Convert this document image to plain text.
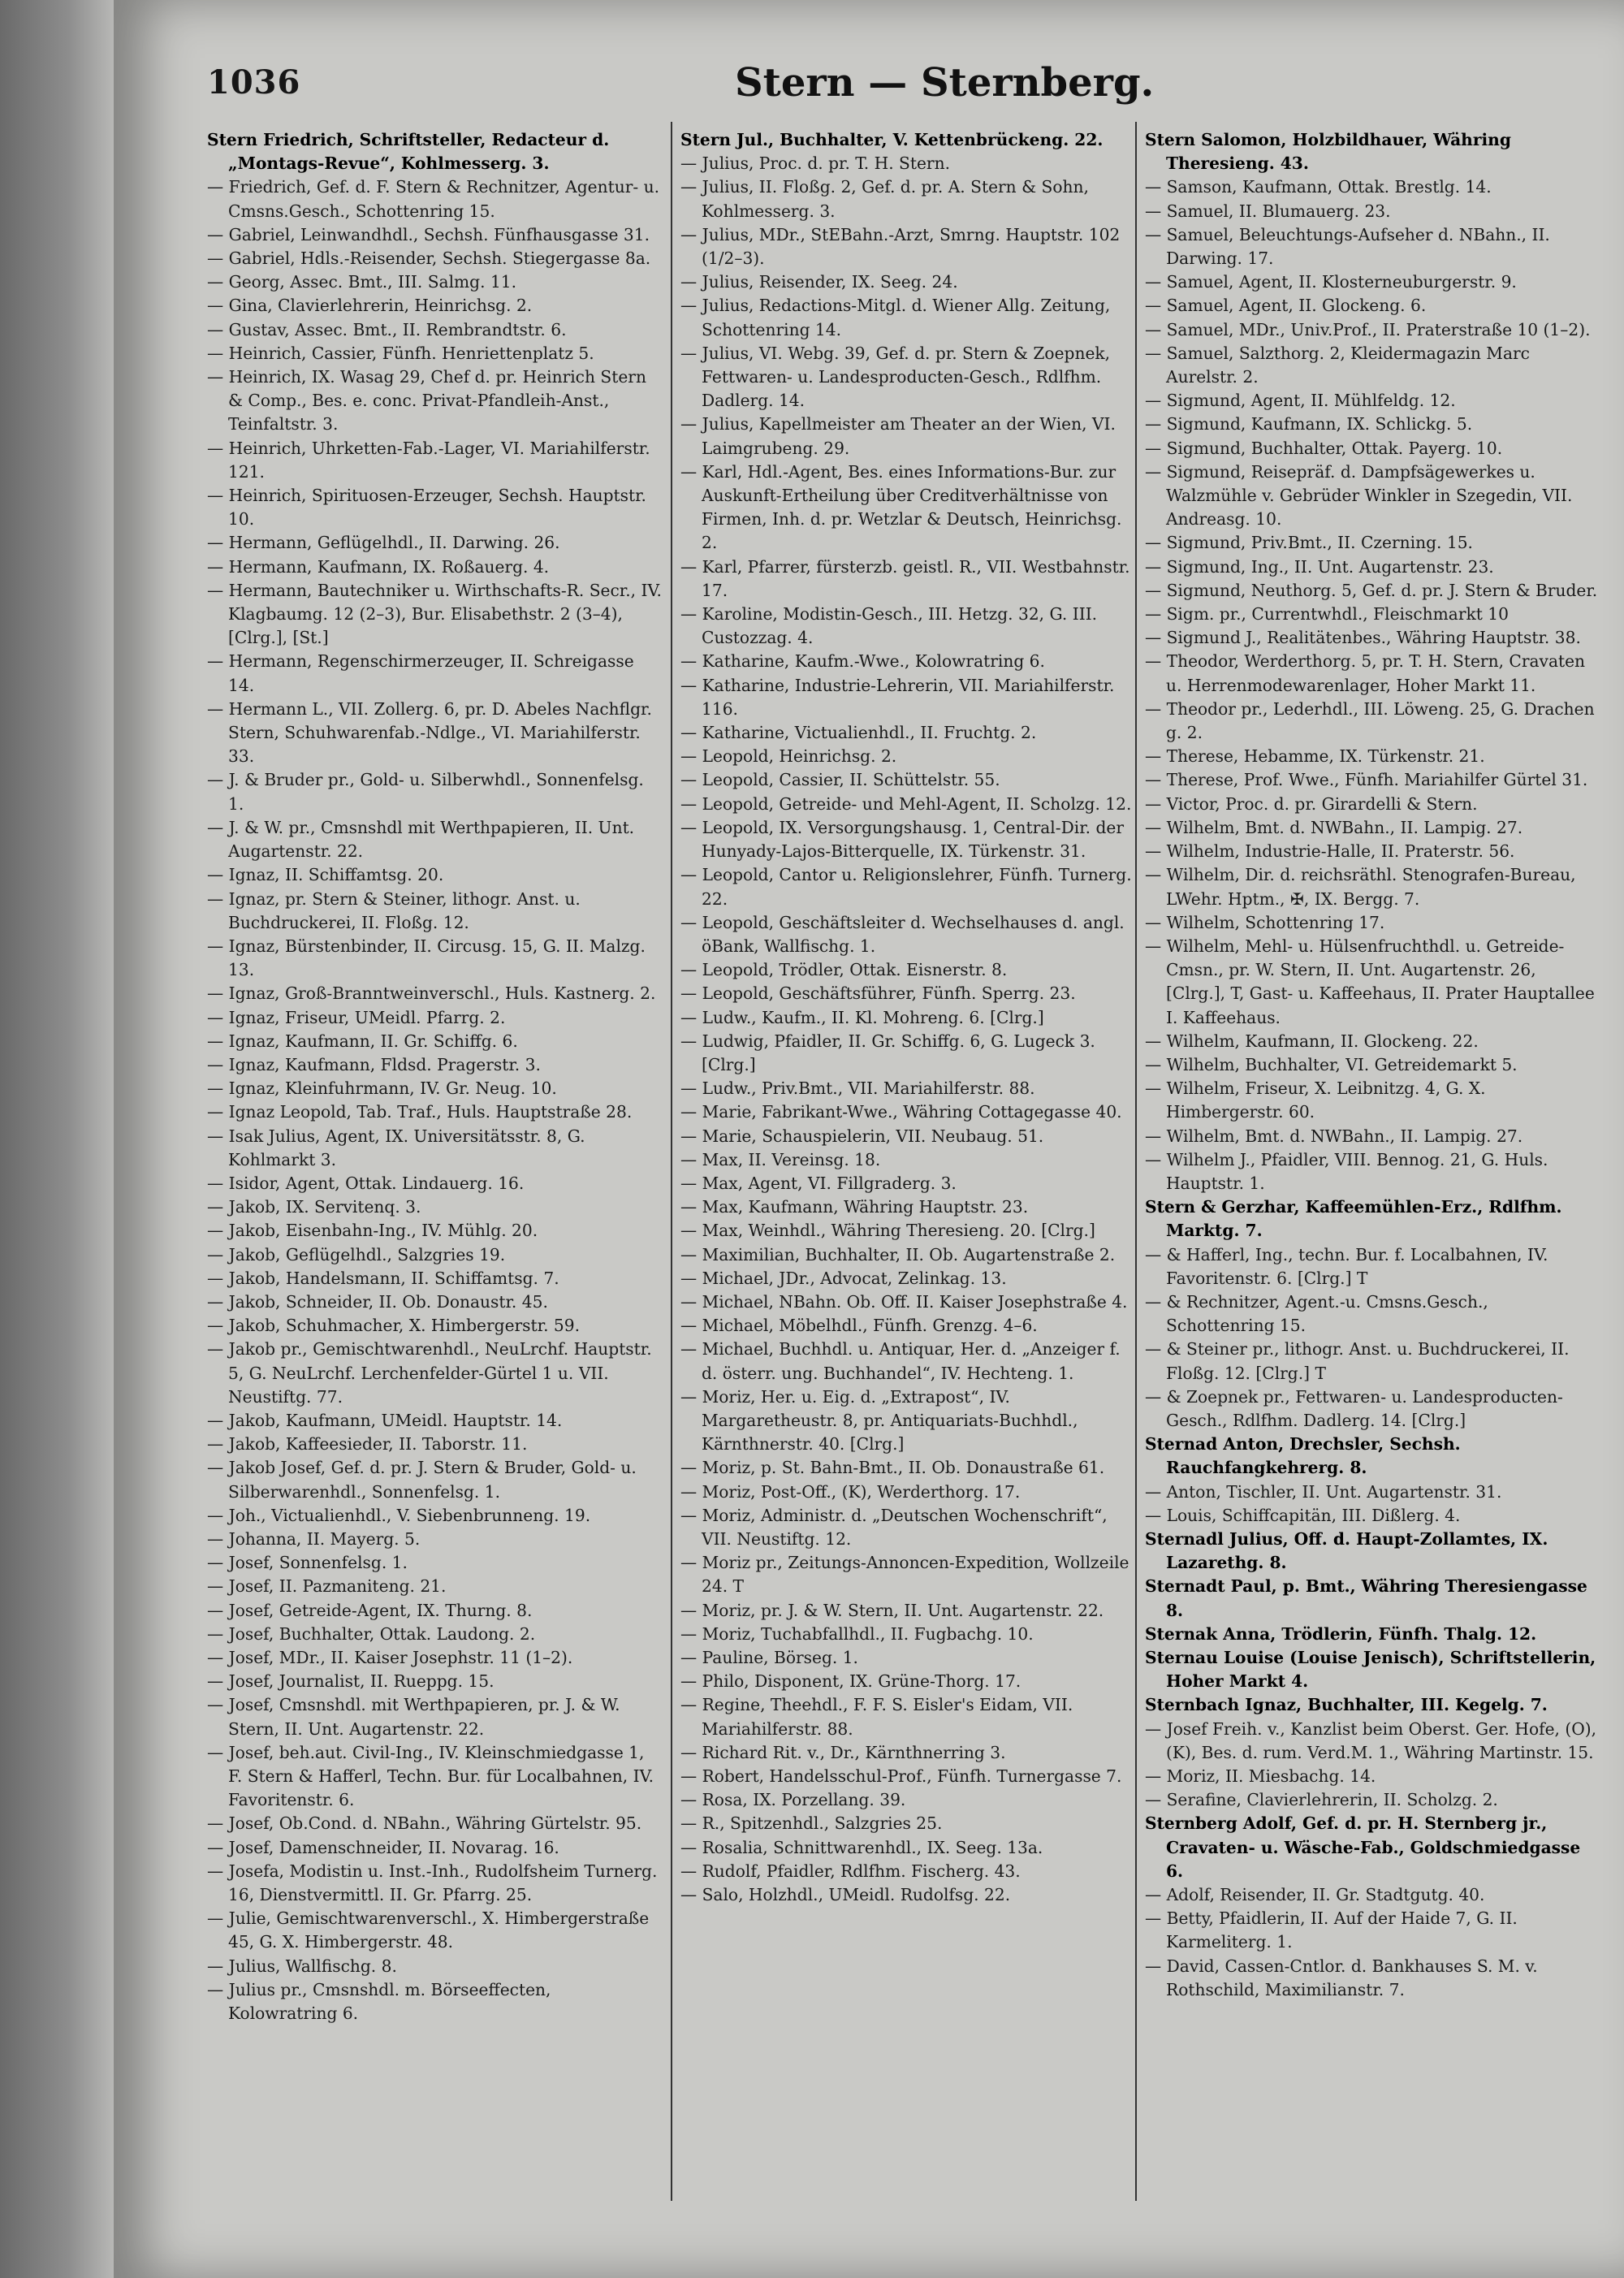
1036	Stern — Sternberg.

Stern Friedrich, Schriftsteller, Redacteur d. „Montags-Revue“, Kohlmesserg. 3.

— Friedrich, Gef. d. F. Stern & Rechnitzer, Agentur- u. Cmsns.Gesch., Schottenring 15.

— Gabriel, Leinwandhdl., Sechsh. Fünfhausgasse 31.

— Gabriel, Hdls.-Reisender, Sechsh. Stiegergasse 8a.

— Georg, Assec. Bmt., III. Salmg. 11.

— Gina, Clavierlehrerin, Heinrichsg. 2.

— Gustav, Assec. Bmt., II. Rembrandtstr. 6.

— Heinrich, Cassier, Fünfh. Henriettenplatz 5.

— Heinrich, IX. Wasag 29, Chef d. pr. Heinrich Stern & Comp., Bes. e. conc. Privat-Pfandleih-Anst., Teinfaltstr. 3.

— Heinrich, Uhrketten-Fab.-Lager, VI. Mariahilferstr. 121.

— Heinrich, Spirituosen-Erzeuger, Sechsh. Hauptstr. 10.

— Hermann, Geflügelhdl., II. Darwing. 26.

— Hermann, Kaufmann, IX. Roßauerg. 4.

— Hermann, Bautechniker u. Wirthschafts-R. Secr., IV. Klagbaumg. 12 (2–3), Bur. Elisabethstr. 2 (3–4), [Clrg.], [St.]

— Hermann, Regenschirmerzeuger, II. Schreigasse 14.

— Hermann L., VII. Zollerg. 6, pr. D. Abeles Nachflgr. Stern, Schuhwarenfab.-Ndlge., VI. Mariahilferstr. 33.

— J. & Bruder pr., Gold- u. Silberwhdl., Sonnenfelsg. 1.

— J. & W. pr., Cmsnshdl mit Werthpapieren, II. Unt. Augartenstr. 22.

— Ignaz, II. Schiffamtsg. 20.

— Ignaz, pr. Stern & Steiner, lithogr. Anst. u. Buchdruckerei, II. Floßg. 12.

— Ignaz, Bürstenbinder, II. Circusg. 15, G. II. Malzg. 13.

— Ignaz, Groß-Branntweinverschl., Huls. Kastnerg. 2.

— Ignaz, Friseur, UMeidl. Pfarrg. 2.

— Ignaz, Kaufmann, II. Gr. Schiffg. 6.

— Ignaz, Kaufmann, Fldsd. Pragerstr. 3.

— Ignaz, Kleinfuhrmann, IV. Gr. Neug. 10.

— Ignaz Leopold, Tab. Traf., Huls. Hauptstraße 28.

— Isak Julius, Agent, IX. Universitätsstr. 8, G. Kohlmarkt 3.

— Isidor, Agent, Ottak. Lindauerg. 16.

— Jakob, IX. Servitenq. 3.

— Jakob, Eisenbahn-Ing., IV. Mühlg. 20.

— Jakob, Geflügelhdl., Salzgries 19.

— Jakob, Handelsmann, II. Schiffamtsg. 7.

— Jakob, Schneider, II. Ob. Donaustr. 45.

— Jakob, Schuhmacher, X. Himbergerstr. 59.

— Jakob pr., Gemischtwarenhdl., NeuLrchf. Hauptstr. 5, G. NeuLrchf. Lerchenfelder-Gürtel 1 u. VII. Neustiftg. 77.

— Jakob, Kaufmann, UMeidl. Hauptstr. 14.

— Jakob, Kaffeesieder, II. Taborstr. 11.

— Jakob Josef, Gef. d. pr. J. Stern & Bruder, Gold- u. Silberwarenhdl., Sonnenfelsg. 1.

— Joh., Victualienhdl., V. Siebenbrunneng. 19.

— Johanna, II. Mayerg. 5.

— Josef, Sonnenfelsg. 1.

— Josef, II. Pazmaniteng. 21.

— Josef, Getreide-Agent, IX. Thurng. 8.

— Josef, Buchhalter, Ottak. Laudong. 2.

— Josef, MDr., II. Kaiser Josephstr. 11 (1–2).

— Josef, Journalist, II. Rueppg. 15.

— Josef, Cmsnshdl. mit Werthpapieren, pr. J. & W. Stern, II. Unt. Augartenstr. 22.

— Josef, beh.aut. Civil-Ing., IV. Kleinschmiedgasse 1, F. Stern & Hafferl, Techn. Bur. für Localbahnen, IV. Favoritenstr. 6.

— Josef, Ob.Cond. d. NBahn., Währing Gürtelstr. 95.

— Josef, Damenschneider, II. Novarag. 16.

— Josefa, Modistin u. Inst.-Inh., Rudolfsheim Turnerg. 16, Dienstvermittl. II. Gr. Pfarrg. 25.

— Julie, Gemischtwarenverschl., X. Himbergerstraße 45, G. X. Himbergerstr. 48.

— Julius, Wallfischg. 8.

— Julius pr., Cmsnshdl. m. Börseeffecten, Kolowratring 6.

Stern Jul., Buchhalter, V. Kettenbrückeng. 22.

— Julius, Proc. d. pr. T. H. Stern.

— Julius, II. Floßg. 2, Gef. d. pr. A. Stern & Sohn, Kohlmesserg. 3.

— Julius, MDr., StEBahn.-Arzt, Smrng. Hauptstr. 102 (1/2–3).

— Julius, Reisender, IX. Seeg. 24.

— Julius, Redactions-Mitgl. d. Wiener Allg. Zeitung, Schottenring 14.

— Julius, VI. Webg. 39, Gef. d. pr. Stern & Zoepnek, Fettwaren- u. Landesproducten-Gesch., Rdlfhm. Dadlerg. 14.

— Julius, Kapellmeister am Theater an der Wien, VI. Laimgrubeng. 29.

— Karl, Hdl.-Agent, Bes. eines Informations-Bur. zur Auskunft-Ertheilung über Creditverhältnisse von Firmen, Inh. d. pr. Wetzlar & Deutsch, Heinrichsg. 2.

— Karl, Pfarrer, fürsterzb. geistl. R., VII. Westbahnstr. 17.

— Karoline, Modistin-Gesch., III. Hetzg. 32, G. III. Custozzag. 4.

— Katharine, Kaufm.-Wwe., Kolowratring 6.

— Katharine, Industrie-Lehrerin, VII. Mariahilferstr. 116.

— Katharine, Victualienhdl., II. Fruchtg. 2.

— Leopold, Heinrichsg. 2.

— Leopold, Cassier, II. Schüttelstr. 55.

— Leopold, Getreide- und Mehl-Agent, II. Scholzg. 12.

— Leopold, IX. Versorgungshausg. 1, Central-Dir. der Hunyady-Lajos-Bitterquelle, IX. Türkenstr. 31.

— Leopold, Cantor u. Religionslehrer, Fünfh. Turnerg. 22.

— Leopold, Geschäftsleiter d. Wechselhauses d. angl. öBank, Wallfischg. 1.

— Leopold, Trödler, Ottak. Eisnerstr. 8.

— Leopold, Geschäftsführer, Fünfh. Sperrg. 23.

— Ludw., Kaufm., II. Kl. Mohreng. 6. [Clrg.]

— Ludwig, Pfaidler, II. Gr. Schiffg. 6, G. Lugeck 3. [Clrg.]

— Ludw., Priv.Bmt., VII. Mariahilferstr. 88.

— Marie, Fabrikant-Wwe., Währing Cottagegasse 40.

— Marie, Schauspielerin, VII. Neubaug. 51.

— Max, II. Vereinsg. 18.

— Max, Agent, VI. Fillgraderg. 3.

— Max, Kaufmann, Währing Hauptstr. 23.

— Max, Weinhdl., Währing Theresieng. 20. [Clrg.]

— Maximilian, Buchhalter, II. Ob. Augartenstraße 2.

— Michael, JDr., Advocat, Zelinkag. 13.

— Michael, NBahn. Ob. Off. II. Kaiser Josephstraße 4.

— Michael, Möbelhdl., Fünfh. Grenzg. 4–6.

— Michael, Buchhdl. u. Antiquar, Her. d. „Anzeiger f. d. österr. ung. Buchhandel“, IV. Hechteng. 1.

— Moriz, Her. u. Eig. d. „Extrapost“, IV. Margaretheustr. 8, pr. Antiquariats-Buchhdl., Kärnthnerstr. 40. [Clrg.]

— Moriz, p. St. Bahn-Bmt., II. Ob. Donaustraße 61.

— Moriz, Post-Off., (K), Werderthorg. 17.

— Moriz, Administr. d. „Deutschen Wochenschrift“, VII. Neustiftg. 12.

— Moriz pr., Zeitungs-Annoncen-Expedition, Wollzeile 24. T

— Moriz, pr. J. & W. Stern, II. Unt. Augartenstr. 22.

— Moriz, Tuchabfallhdl., II. Fugbachg. 10.

— Pauline, Börseg. 1.

— Philo, Disponent, IX. Grüne-Thorg. 17.

— Regine, Theehdl., F. F. S. Eisler's Eidam, VII. Mariahilferstr. 88.

— Richard Rit. v., Dr., Kärnthnerring 3.

— Robert, Handelsschul-Prof., Fünfh. Turnergasse 7.

— Rosa, IX. Porzellang. 39.

— R., Spitzenhdl., Salzgries 25.

— Rosalia, Schnittwarenhdl., IX. Seeg. 13a.

— Rudolf, Pfaidler, Rdlfhm. Fischerg. 43.

— Salo, Holzhdl., UMeidl. Rudolfsg. 22.

Stern Salomon, Holzbildhauer, Währing Theresieng. 43.

— Samson, Kaufmann, Ottak. Brestlg. 14.

— Samuel, II. Blumauerg. 23.

— Samuel, Beleuchtungs-Aufseher d. NBahn., II. Darwing. 17.

— Samuel, Agent, II. Klosterneuburgerstr. 9.

— Samuel, Agent, II. Glockeng. 6.

— Samuel, MDr., Univ.Prof., II. Praterstraße 10 (1–2).

— Samuel, Salzthorg. 2, Kleidermagazin Marc Aurelstr. 2.

— Sigmund, Agent, II. Mühlfeldg. 12.

— Sigmund, Kaufmann, IX. Schlickg. 5.

— Sigmund, Buchhalter, Ottak. Payerg. 10.

— Sigmund, Reisepräf. d. Dampfsägewerkes u. Walzmühle v. Gebrüder Winkler in Szegedin, VII. Andreasg. 10.

— Sigmund, Priv.Bmt., II. Czerning. 15.

— Sigmund, Ing., II. Unt. Augartenstr. 23.

— Sigmund, Neuthorg. 5, Gef. d. pr. J. Stern & Bruder.

— Sigm. pr., Currentwhdl., Fleischmarkt 10

— Sigmund J., Realitätenbes., Währing Hauptstr. 38.

— Theodor, Werderthorg. 5, pr. T. H. Stern, Cravaten u. Herrenmodewarenlager, Hoher Markt 11.

— Theodor pr., Lederhdl., III. Löweng. 25, G. Drachen g. 2.

— Therese, Hebamme, IX. Türkenstr. 21.

— Therese, Prof. Wwe., Fünfh. Mariahilfer Gürtel 31.

— Victor, Proc. d. pr. Girardelli & Stern.

— Wilhelm, Bmt. d. NWBahn., II. Lampig. 27.

— Wilhelm, Industrie-Halle, II. Praterstr. 56.

— Wilhelm, Dir. d. reichsräthl. Stenografen-Bureau, LWehr. Hptm., ✠, IX. Bergg. 7.

— Wilhelm, Schottenring 17.

— Wilhelm, Mehl- u. Hülsenfruchthdl. u. Getreide-Cmsn., pr. W. Stern, II. Unt. Augartenstr. 26, [Clrg.], T, Gast- u. Kaffeehaus, II. Prater Hauptallee I. Kaffeehaus.

— Wilhelm, Kaufmann, II. Glockeng. 22.

— Wilhelm, Buchhalter, VI. Getreidemarkt 5.

— Wilhelm, Friseur, X. Leibnitzg. 4, G. X. Himbergerstr. 60.

— Wilhelm, Bmt. d. NWBahn., II. Lampig. 27.

— Wilhelm J., Pfaidler, VIII. Bennog. 21, G. Huls. Hauptstr. 1.

Stern & Gerzhar, Kaffeemühlen-Erz., Rdlfhm. Marktg. 7.

— & Hafferl, Ing., techn. Bur. f. Localbahnen, IV. Favoritenstr. 6. [Clrg.] T

— & Rechnitzer, Agent.-u. Cmsns.Gesch., Schottenring 15.

— & Steiner pr., lithogr. Anst. u. Buchdruckerei, II. Floßg. 12. [Clrg.] T

— & Zoepnek pr., Fettwaren- u. Landesproducten-Gesch., Rdlfhm. Dadlerg. 14. [Clrg.]

Sternad Anton, Drechsler, Sechsh. Rauchfangkehrerg. 8.

— Anton, Tischler, II. Unt. Augartenstr. 31.

— Louis, Schiffcapitän, III. Dißlerg. 4.

Sternadl Julius, Off. d. Haupt-Zollamtes, IX. Lazarethg. 8.

Sternadt Paul, p. Bmt., Währing Theresiengasse 8.

Sternak Anna, Trödlerin, Fünfh. Thalg. 12.

Sternau Louise (Louise Jenisch), Schriftstellerin, Hoher Markt 4.

Sternbach Ignaz, Buchhalter, III. Kegelg. 7.

— Josef Freih. v., Kanzlist beim Oberst. Ger. Hofe, (O), (K), Bes. d. rum. Verd.M. 1., Währing Martinstr. 15.

— Moriz, II. Miesbachg. 14.

— Serafine, Clavierlehrerin, II. Scholzg. 2.

Sternberg Adolf, Gef. d. pr. H. Sternberg jr., Cravaten- u. Wäsche-Fab., Goldschmiedgasse 6.

— Adolf, Reisender, II. Gr. Stadtgutg. 40.

— Betty, Pfaidlerin, II. Auf der Haide 7, G. II. Karmeliterg. 1.

— David, Cassen-Cntlor. d. Bankhauses S. M. v. Rothschild, Maximilianstr. 7.
